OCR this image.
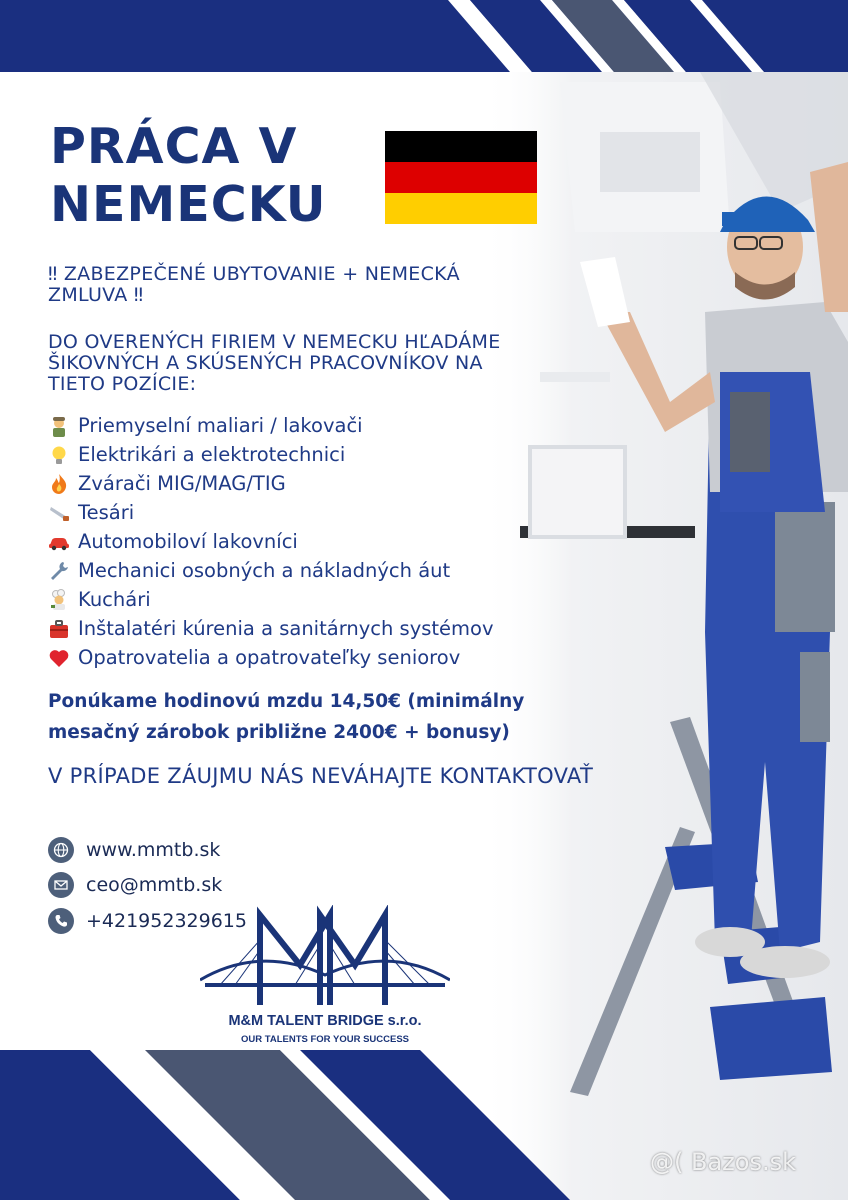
PRÁCA V NEMECKU
‼ ZABEZPEČENÉ UBYTOVANIE + NEMECKÁ ZMLUVA ‼
DO OVERENÝCH FIRIEM V NEMECKU HĽADÁME ŠIKOVNÝCH A SKÚSENÝCH PRACOVNÍKOV NA TIETO POZÍCIE:
Priemyselní maliari / lakovači
Elektrikári a elektrotechnici
Zvárači MIG/MAG/TIG
Tesári
Automobiloví lakovníci
Mechanici osobných a nákladných áut
Kuchári
Inštalatéri kúrenia a sanitárnych systémov
Opatrovatelia a opatrovateľky seniorov
Ponúkame hodinovú mzdu 14,50€ (minimálny mesačný zárobok približne 2400€ + bonusy)
V PRÍPADE ZÁUJMU NÁS NEVÁHAJTE KONTAKTOVAŤ
www.mmtb.sk
ceo@mmtb.sk
+421952329615
M&M TALENT BRIDGE s.r.o.
OUR TALENTS FOR YOUR SUCCESS
@( Bazos.sk
